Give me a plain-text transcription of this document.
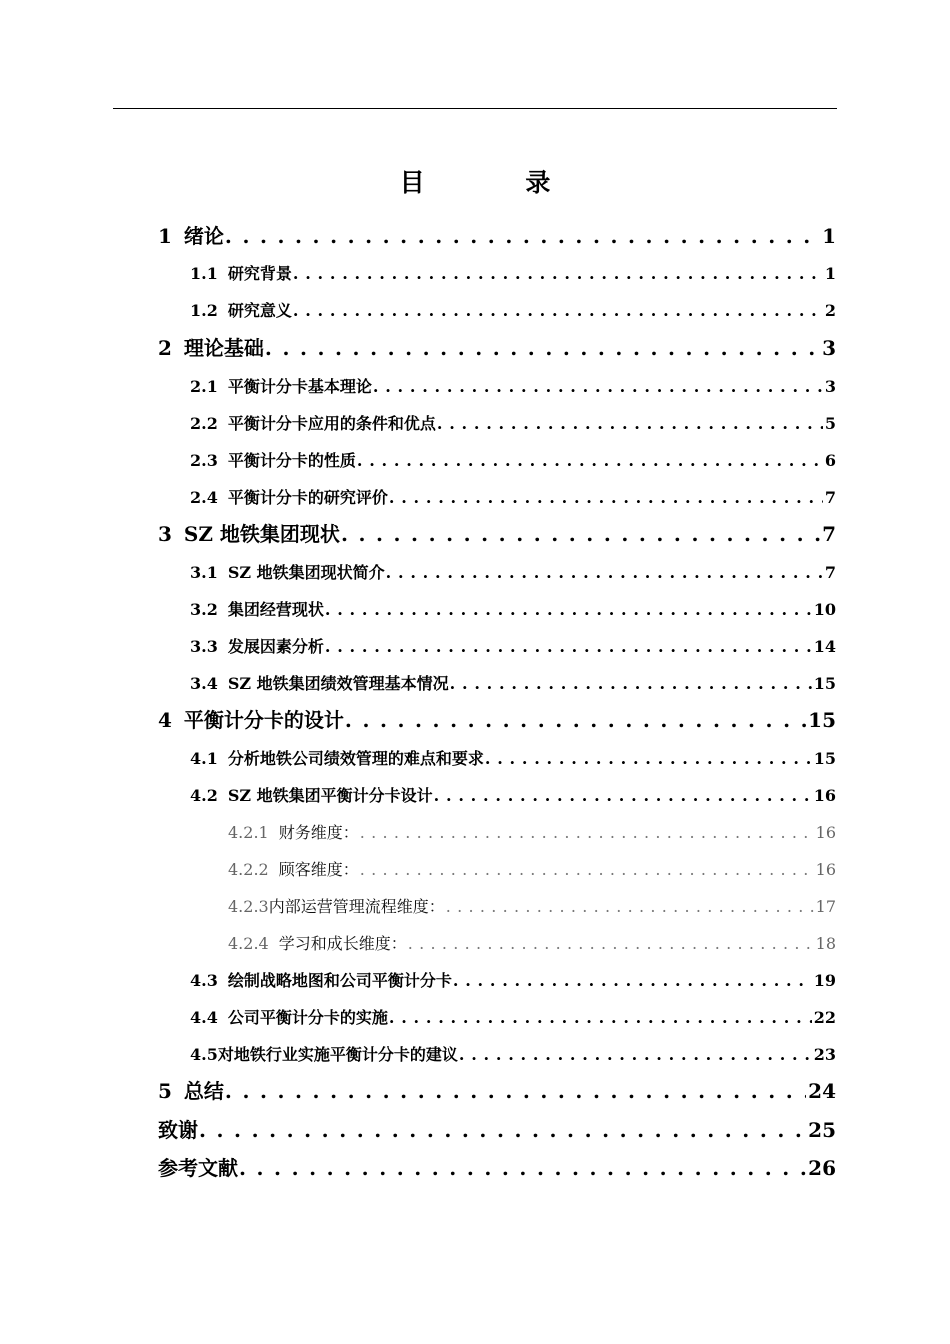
目 录
1 绪论 . . .	1
1.1 研究背景 . . .	1
1.2 研究意义 . . .	2
2 理论基础 . . .	3
2.1 平衡计分卡基本理论 . . .	3
2.2 平衡计分卡应用的条件和优点 . . .	5
2.3 平衡计分卡的性质 . . .	6
2.4 平衡计分卡的研究评价 . . .	7
3 SZ 地铁集团现状 . . .	7
3.1 SZ 地铁集团现状简介 . . .	7
3.2 集团经营现状 . . .	10
3.3 发展因素分析 . . .	14
3.4 SZ 地铁集团绩效管理基本情况 . . .	15
4 平衡计分卡的设计 . . .	15
4.1 分析地铁公司绩效管理的难点和要求 . . .	15
4.2 SZ 地铁集团平衡计分卡设计 . . .	16
4.2.1 财务维度： . . .	16
4.2.2 顾客维度： . . .	16
4.2.3 内部运营管理流程维度： . . .	17
4.2.4 学习和成长维度： . . .	18
4.3 绘制战略地图和公司平衡计分卡 . . .	19
4.4 公司平衡计分卡的实施 . . .	22
4.5 对地铁行业实施平衡计分卡的建议 . . .	23
5 总结 . . .	24
致谢 . . .	25
参考文献 . . .	26
